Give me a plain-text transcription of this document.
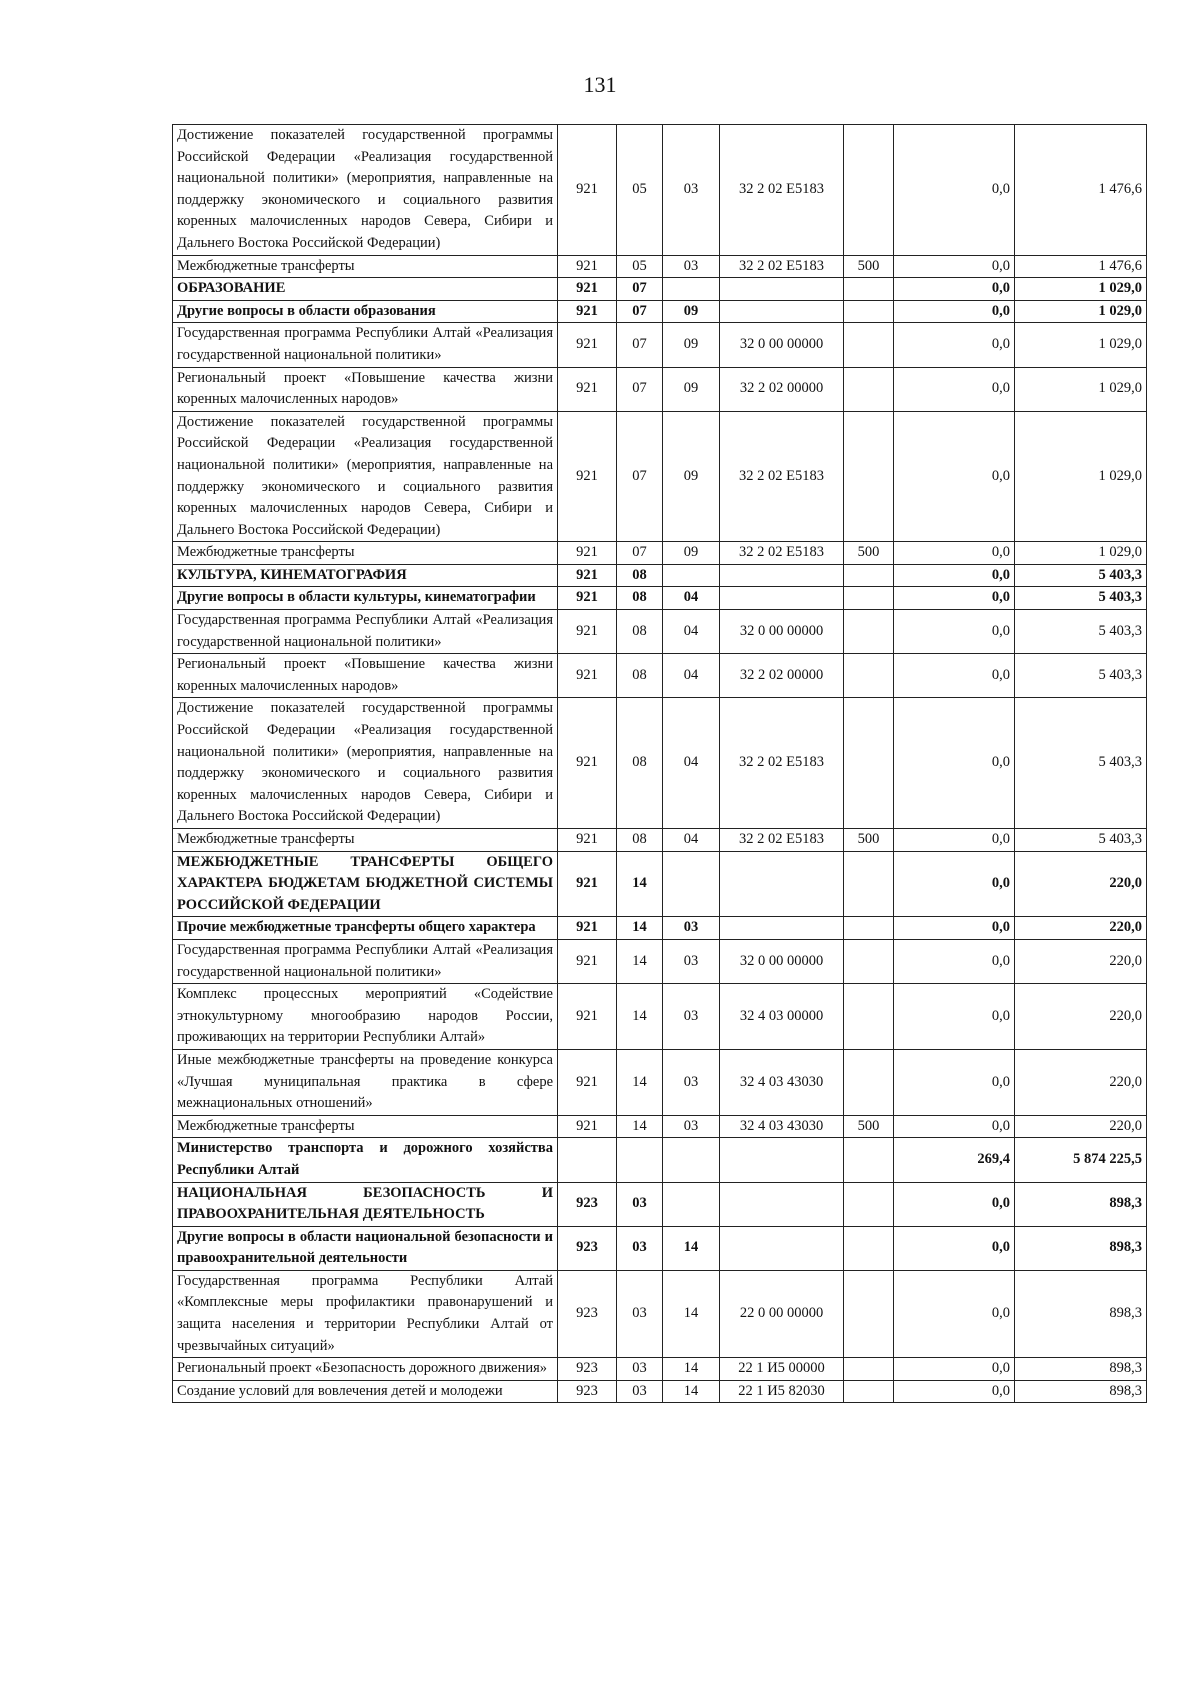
131
Достижение показателей государственной программы Российской Федерации «Реализация государственной национальной политики» (мероприятия, направленные на поддержку экономического и социального развития коренных малочисленных народов Севера, Сибири и Дальнего Востока Российской Федерации)	921	05	03	32 2 02 Е5183		0,0	1 476,6
Межбюджетные трансферты	921	05	03	32 2 02 Е5183	500	0,0	1 476,6
ОБРАЗОВАНИЕ	921	07				0,0	1 029,0
Другие вопросы в области образования	921	07	09			0,0	1 029,0
Государственная программа Республики Алтай «Реализация государственной национальной политики»	921	07	09	32 0 00 00000		0,0	1 029,0
Региональный проект «Повышение качества жизни коренных малочисленных народов»	921	07	09	32 2 02 00000		0,0	1 029,0
Достижение показателей государственной программы Российской Федерации «Реализация государственной национальной политики» (мероприятия, направленные на поддержку экономического и социального развития коренных малочисленных народов Севера, Сибири и Дальнего Востока Российской Федерации)	921	07	09	32 2 02 Е5183		0,0	1 029,0
Межбюджетные трансферты	921	07	09	32 2 02 Е5183	500	0,0	1 029,0
КУЛЬТУРА, КИНЕМАТОГРАФИЯ	921	08				0,0	5 403,3
Другие вопросы в области культуры, кинематографии	921	08	04			0,0	5 403,3
Государственная программа Республики Алтай «Реализация государственной национальной политики»	921	08	04	32 0 00 00000		0,0	5 403,3
Региональный проект «Повышение качества жизни коренных малочисленных народов»	921	08	04	32 2 02 00000		0,0	5 403,3
Достижение показателей государственной программы Российской Федерации «Реализация государственной национальной политики» (мероприятия, направленные на поддержку экономического и социального развития коренных малочисленных народов Севера, Сибири и Дальнего Востока Российской Федерации)	921	08	04	32 2 02 Е5183		0,0	5 403,3
Межбюджетные трансферты	921	08	04	32 2 02 Е5183	500	0,0	5 403,3
МЕЖБЮДЖЕТНЫЕ ТРАНСФЕРТЫ ОБЩЕГО ХАРАКТЕРА БЮДЖЕТАМ БЮДЖЕТНОЙ СИСТЕМЫ РОССИЙСКОЙ ФЕДЕРАЦИИ	921	14				0,0	220,0
Прочие межбюджетные трансферты общего характера	921	14	03			0,0	220,0
Государственная программа Республики Алтай «Реализация государственной национальной политики»	921	14	03	32 0 00 00000		0,0	220,0
Комплекс процессных мероприятий «Содействие этнокультурному многообразию народов России, проживающих на территории Республики Алтай»	921	14	03	32 4 03 00000		0,0	220,0
Иные межбюджетные трансферты на проведение конкурса «Лучшая муниципальная практика в сфере межнациональных отношений»	921	14	03	32 4 03 43030		0,0	220,0
Межбюджетные трансферты	921	14	03	32 4 03 43030	500	0,0	220,0
Министерство транспорта и дорожного хозяйства Республики Алтай						269,4	5 874 225,5
НАЦИОНАЛЬНАЯ БЕЗОПАСНОСТЬ И ПРАВООХРАНИТЕЛЬНАЯ ДЕЯТЕЛЬНОСТЬ	923	03				0,0	898,3
Другие вопросы в области национальной безопасности и правоохранительной деятельности	923	03	14			0,0	898,3
Государственная программа Республики Алтай «Комплексные меры профилактики правонарушений и защита населения и территории Республики Алтай от чрезвычайных ситуаций»	923	03	14	22 0 00 00000		0,0	898,3
Региональный проект «Безопасность дорожного движения»	923	03	14	22 1 И5 00000		0,0	898,3
Создание условий для вовлечения детей и молодежи	923	03	14	22 1 И5 82030		0,0	898,3
